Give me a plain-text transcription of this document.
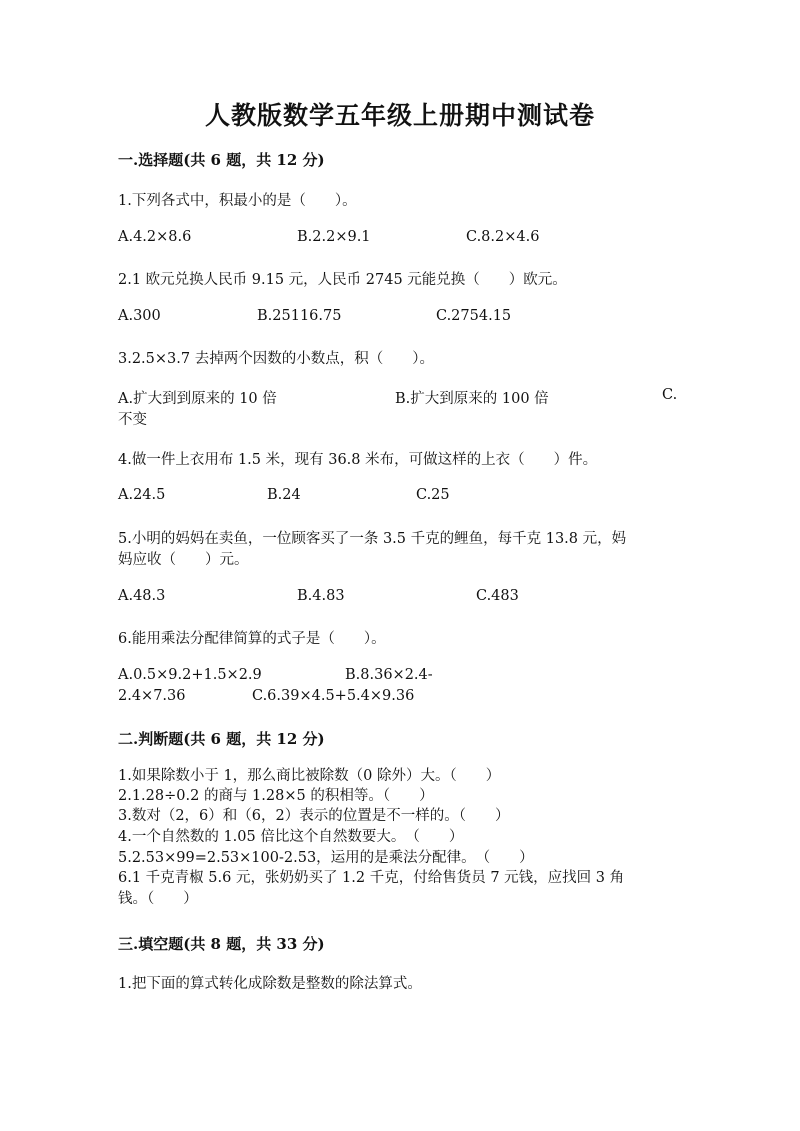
人教版数学五年级上册期中测试卷
一.选择题(共 6 题，共 12 分)
1.下列各式中，积最小的是（　　）。
A.4.2×8.6	B.2.2×9.1	C.8.2×4.6
2.1 欧元兑换人民币 9.15 元，人民币 2745 元能兑换（　　）欧元。
A.300	B.25116.75	C.2754.15
3.2.5×3.7 去掉两个因数的小数点，积（　　）。
A.扩大到到原来的 10 倍	B.扩大到原来的 100 倍	C.
不变
4.做一件上衣用布 1.5 米，现有 36.8 米布，可做这样的上衣（　　）件。
A.24.5	B.24	C.25
5.小明的妈妈在卖鱼，一位顾客买了一条 3.5 千克的鲤鱼，每千克 13.8 元，妈
妈应收（　　）元。
A.48.3	B.4.83	C.483
6.能用乘法分配律简算的式子是（　　）。
A.0.5×9.2+1.5×2.9	B.8.36×2.4-
2.4×7.36	C.6.39×4.5+5.4×9.36
二.判断题(共 6 题，共 12 分)
1.如果除数小于 1，那么商比被除数（0 除外）大。（　　）
2.1.28÷0.2 的商与 1.28×5 的积相等。（　　）
3.数对（2，6）和（6，2）表示的位置是不一样的。（　　）
4.一个自然数的 1.05 倍比这个自然数要大。　（　　）
5.2.53×99=2.53×100-2.53，运用的是乘法分配律。　（　　）
6.1 千克青椒 5.6 元，张奶奶买了 1.2 千克，付给售货员 7 元钱，应找回 3 角
钱。（　　）
三.填空题(共 8 题，共 33 分)
1.把下面的算式转化成除数是整数的除法算式。
